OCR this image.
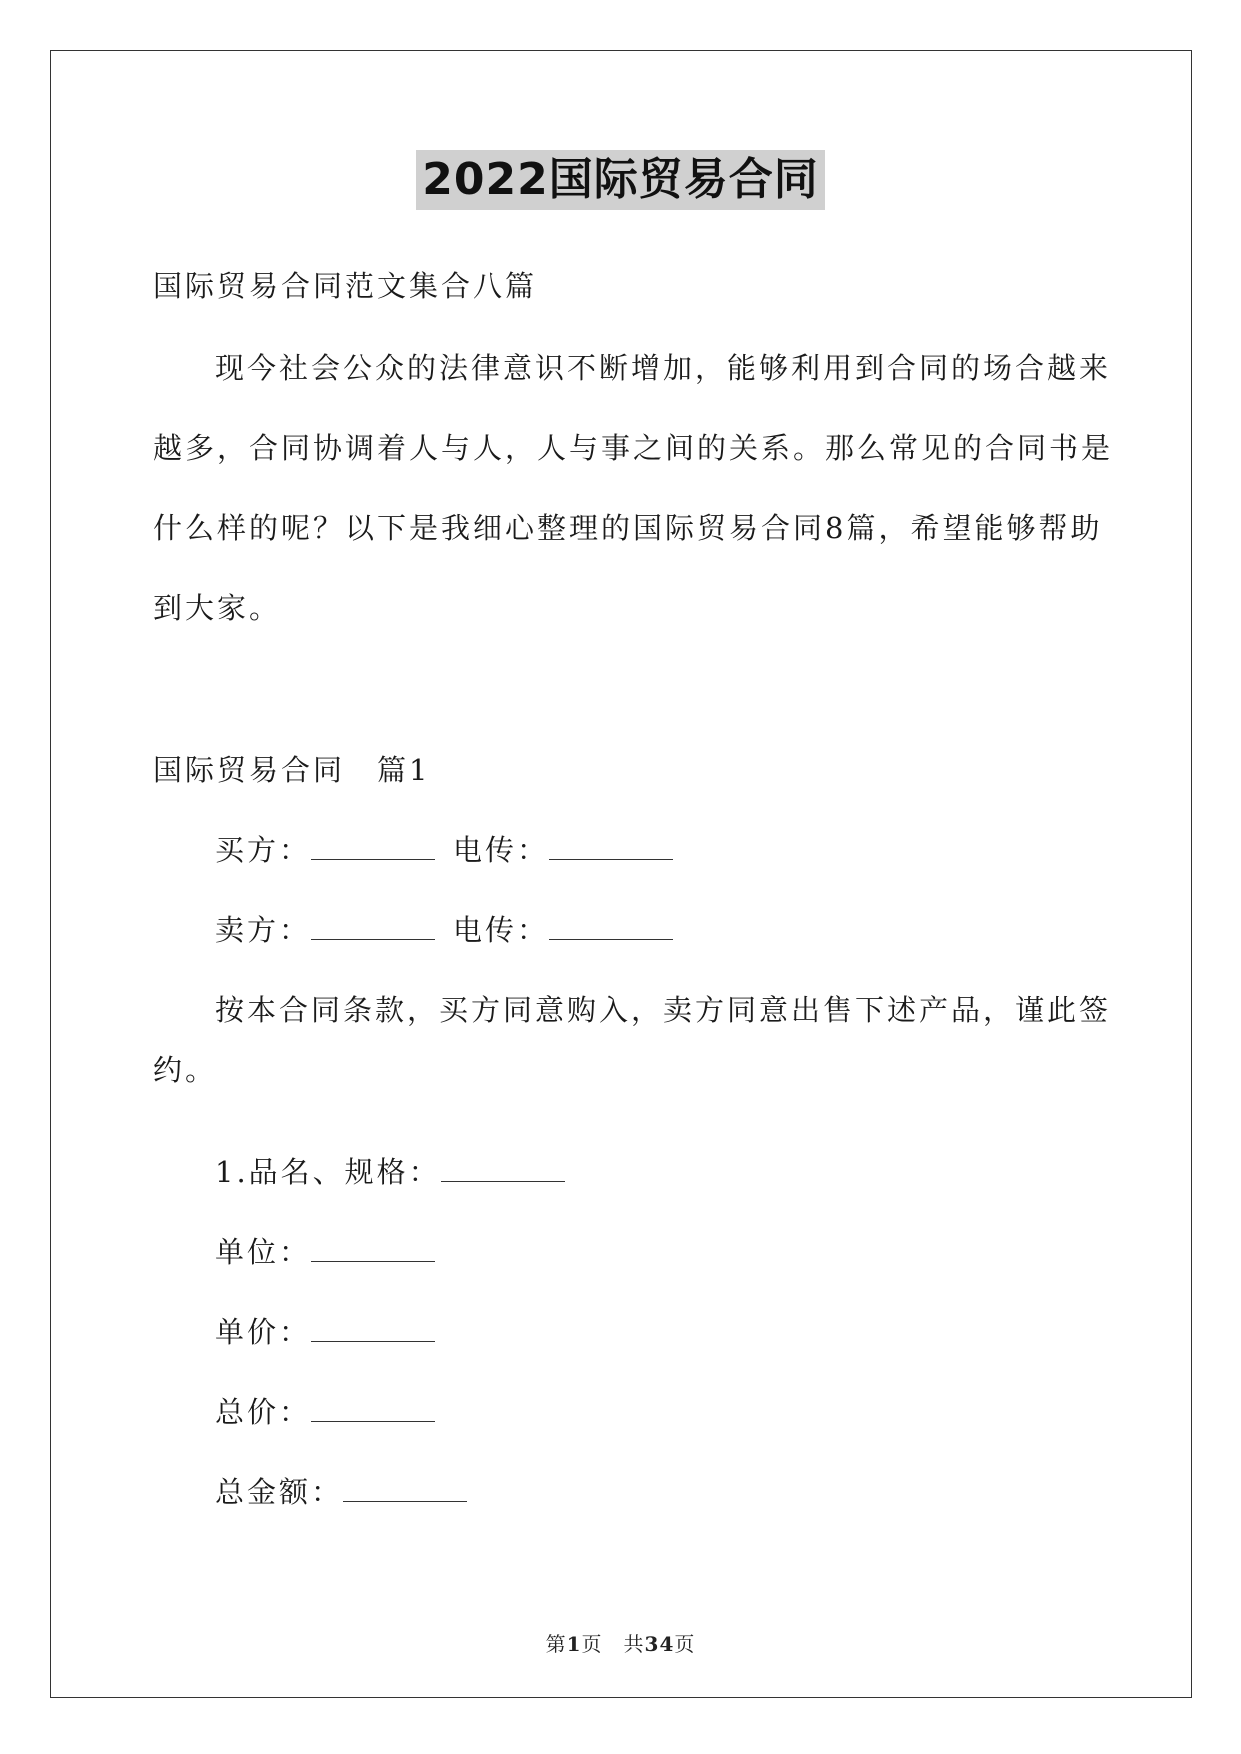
2022国际贸易合同
国际贸易合同范文集合八篇
现今社会公众的法律意识不断增加，能够利用到合同的场合越来
越多，合同协调着人与人，人与事之间的关系。那么常见的合同书是
什么样的呢？以下是我细心整理的国际贸易合同8篇，希望能够帮助
到大家。
国际贸易合同　篇1
买方：	电传：
卖方：	电传：
按本合同条款，买方同意购入，卖方同意出售下述产品，谨此签
约。
1.品名、规格：
单位：
单价：
总价：
总金额：
第1页　共34页
